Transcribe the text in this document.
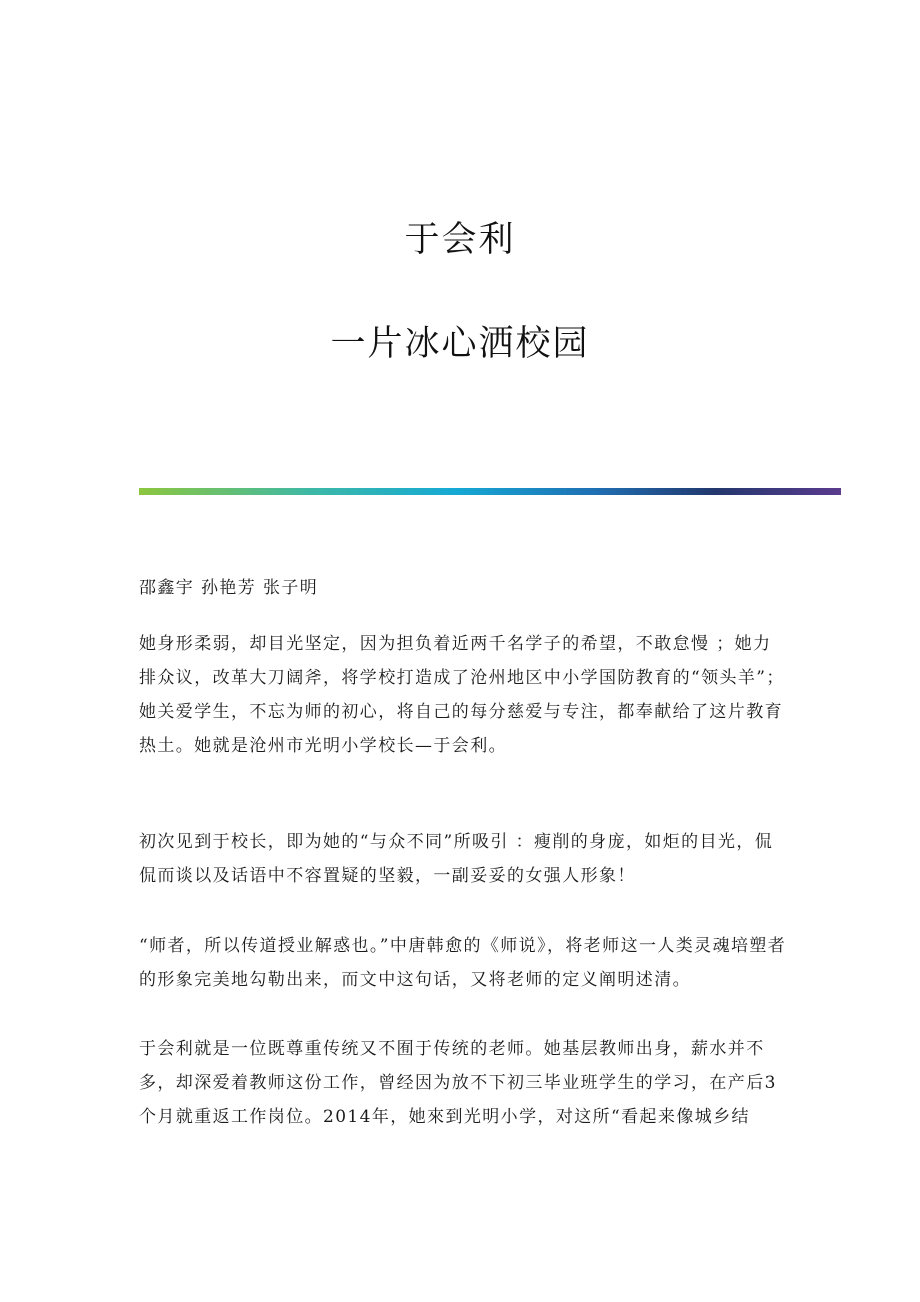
于会利
一片冰心洒校园
邵鑫宇 孙艳芳 张子明

她身形柔弱，却目光坚定，因为担负着近两千名学子的希望，不敢怠慢 ；她力排众议，改革大刀阔斧，将学校打造成了沧州地区中小学国防教育的“领头羊”；她关爱学生，不忘为师的初心，将自己的每分慈爱与专注，都奉献给了这片教育热土。她就是沧州市光明小学校长—于会利。

初次见到于校长，即为她的“与众不同”所吸引 ：瘦削的身庞，如炬的目光，侃侃而谈以及话语中不容置疑的坚毅，一副妥妥的女强人形象！

“师者，所以传道授业解惑也。”中唐韩愈的《师说》，将老师这一人类灵魂培塑者的形象完美地勾勒出来，而文中这句话，又将老师的定义阐明述清。

于会利就是一位既尊重传统又不囿于传统的老师。她基层教师出身，薪水并不多，却深爱着教师这份工作，曾经因为放不下初三毕业班学生的学习，在产后3个月就重返工作岗位。2014年，她來到光明小学，对这所“看起来像城乡结
